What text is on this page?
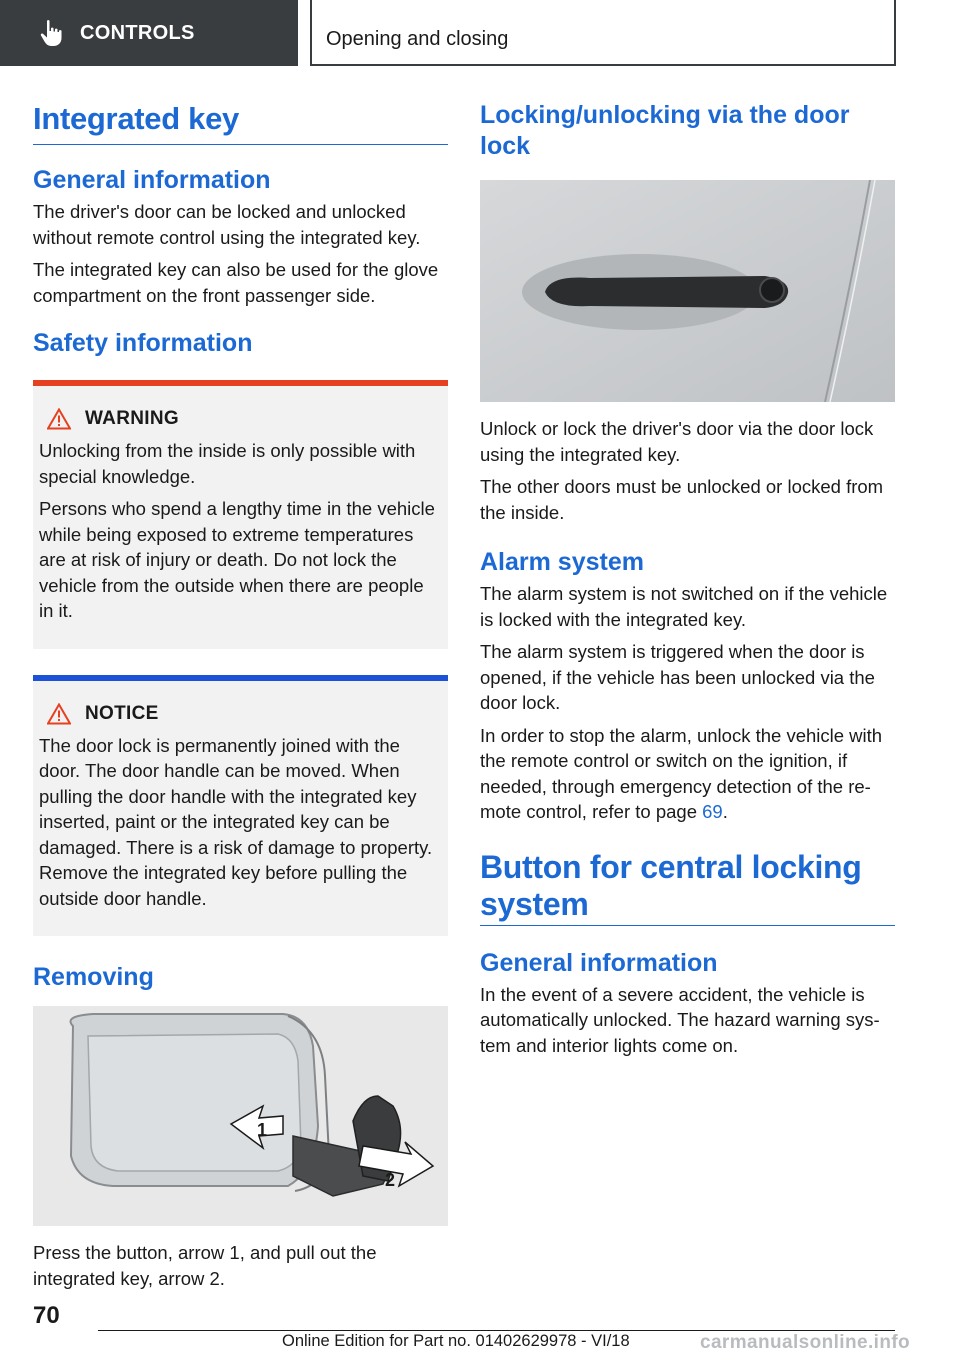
CONTROLS	Opening and closing
Integrated key
General information

The driver's door can be locked and unlocked without remote control using the integrated key.

The integrated key can also be used for the glove compartment on the front passenger side.

Safety information
WARNING

Unlocking from the inside is only possible with special knowledge.

Persons who spend a lengthy time in the vehicle while being exposed to extreme temperatures are at risk of injury or death. Do not lock the vehicle from the outside when there are people in it.

NOTICE

The door lock is permanently joined with the door. The door handle can be moved. When pulling the door handle with the integrated key inserted, paint or the integrated key can be damaged. There is a risk of damage to property. Remove the integrated key before pulling the outside door handle.

Removing
1
2

Press the button, arrow 1, and pull out the integrated key, arrow 2.

Locking/unlocking via the door lock

Unlock or lock the driver's door via the door lock using the integrated key.

The other doors must be unlocked or locked from the inside.

Alarm system

The alarm system is not switched on if the vehicle is locked with the integrated key.

The alarm system is triggered when the door is opened, if the vehicle has been unlocked via the door lock.

In order to stop the alarm, unlock the vehicle with the remote control or switch on the ignition, if needed, through emergency detection of the remote control, refer to page 69.

Button for central locking system
General information

In the event of a severe accident, the vehicle is automatically unlocked. The hazard warning system and interior lights come on.

70
Online Edition for Part no. 01402629978 - VI/18	carmanualsonline.info
